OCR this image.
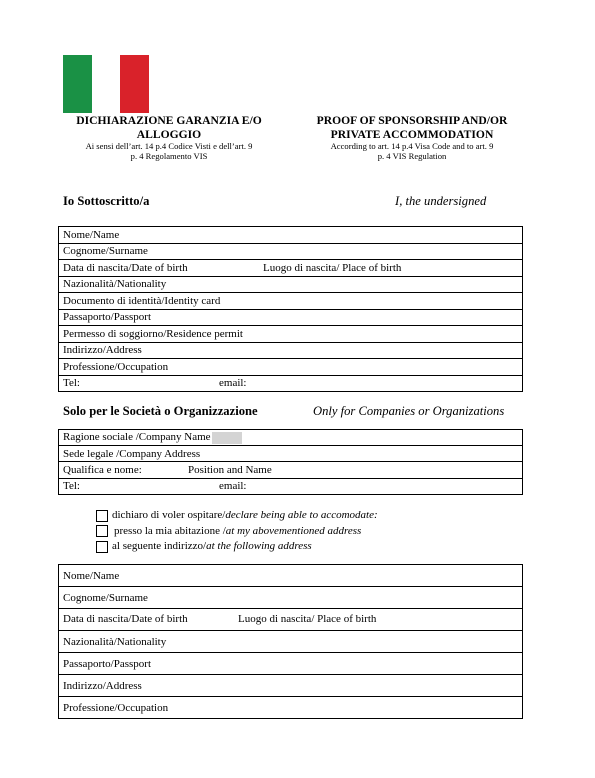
DICHIARAZIONE GARANZIA E/O
ALLOGGIO
Ai sensi dell’art. 14 p.4 Codice Visti e dell’art. 9
p. 4 Regolamento VIS
PROOF OF SPONSORSHIP AND/OR
PRIVATE ACCOMMODATION
According to art. 14 p.4 Visa Code and to art. 9
p. 4 VIS Regulation
Io Sottoscritto/a	I, the undersigned
Nome/Name
Cognome/Surname

Data di nascita/Date of birth	Luogo di nascita/ Place of birth

Nazionalità/Nationality
Documento di identità/Identity card
Passaporto/Passport
Permesso di soggiorno/Residence permit
Indirizzo/Address
Professione/Occupation

Tel:	email:
Solo per le Società o Organizzazione	Only for Companies or Organizations
Ragione sociale /Company Name
Sede legale /Company Address

Qualifica e nome:	Position and Name

Tel:	email:
dichiaro di voler ospitare/ declare being able to accomodate:
presso la mia abitazione / at my abovementioned address
al seguente indirizzo/ at the following address
Nome/Name
Cognome/Surname

Data di nascita/Date of birth	Luogo di nascita/ Place of birth

Nazionalità/Nationality
Passaporto/Passport
Indirizzo/Address
Professione/Occupation
